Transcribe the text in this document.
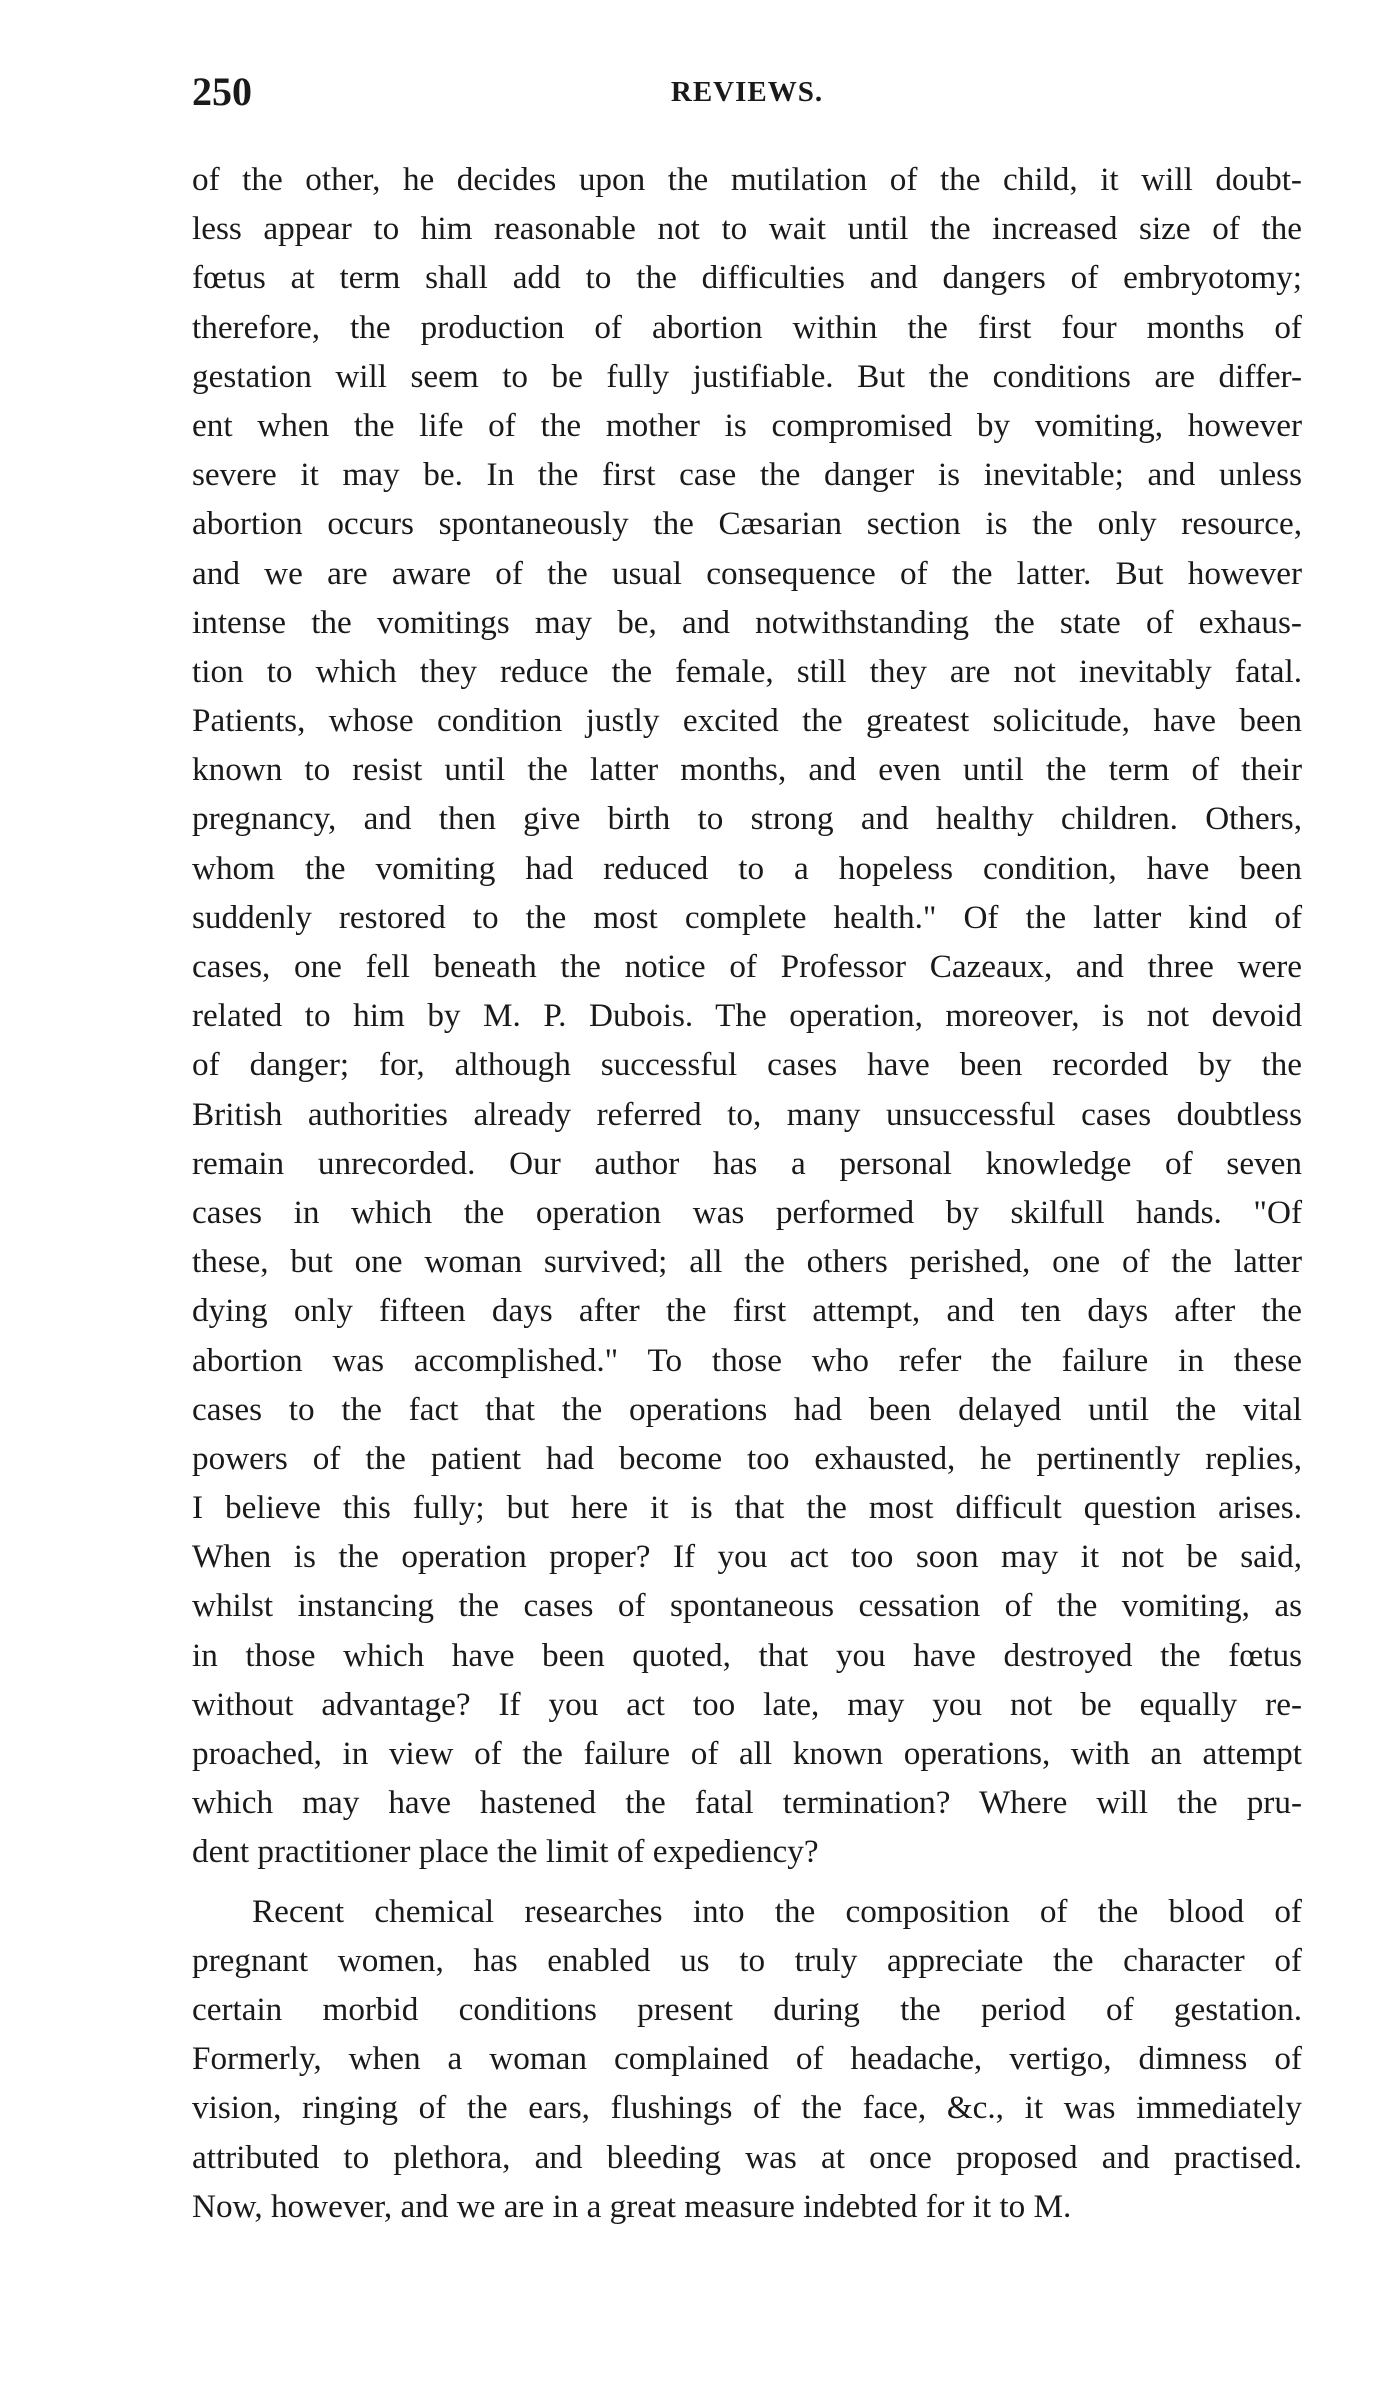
250	REVIEWS.
of the other, he decides upon the mutilation of the child, it will doubt-
less appear to him reasonable not to wait until the increased size of the
fœtus at term shall add to the difficulties and dangers of embryotomy;
therefore, the production of abortion within the first four months of
gestation will seem to be fully justifiable. But the conditions are differ-
ent when the life of the mother is compromised by vomiting, however
severe it may be. In the first case the danger is inevitable; and unless
abortion occurs spontaneously the Cæsarian section is the only resource,
and we are aware of the usual consequence of the latter. But however
intense the vomitings may be, and notwithstanding the state of exhaus-
tion to which they reduce the female, still they are not inevitably fatal.
Patients, whose condition justly excited the greatest solicitude, have been
known to resist until the latter months, and even until the term of their
pregnancy, and then give birth to strong and healthy children. Others,
whom the vomiting had reduced to a hopeless condition, have been
suddenly restored to the most complete health." Of the latter kind of
cases, one fell beneath the notice of Professor Cazeaux, and three were
related to him by M. P. Dubois. The operation, moreover, is not devoid
of danger; for, although successful cases have been recorded by the
British authorities already referred to, many unsuccessful cases doubtless
remain unrecorded. Our author has a personal knowledge of seven
cases in which the operation was performed by skilfull hands. "Of
these, but one woman survived; all the others perished, one of the latter
dying only fifteen days after the first attempt, and ten days after the
abortion was accomplished." To those who refer the failure in these
cases to the fact that the operations had been delayed until the vital
powers of the patient had become too exhausted, he pertinently replies,
I believe this fully; but here it is that the most difficult question arises.
When is the operation proper? If you act too soon may it not be said,
whilst instancing the cases of spontaneous cessation of the vomiting, as
in those which have been quoted, that you have destroyed the fœtus
without advantage? If you act too late, may you not be equally re-
proached, in view of the failure of all known operations, with an attempt
which may have hastened the fatal termination? Where will the pru-
dent practitioner place the limit of expediency?
Recent chemical researches into the composition of the blood of
pregnant women, has enabled us to truly appreciate the character of
certain morbid conditions present during the period of gestation.
Formerly, when a woman complained of headache, vertigo, dimness of
vision, ringing of the ears, flushings of the face, &c., it was immediately
attributed to plethora, and bleeding was at once proposed and practised.
Now, however, and we are in a great measure indebted for it to M.
